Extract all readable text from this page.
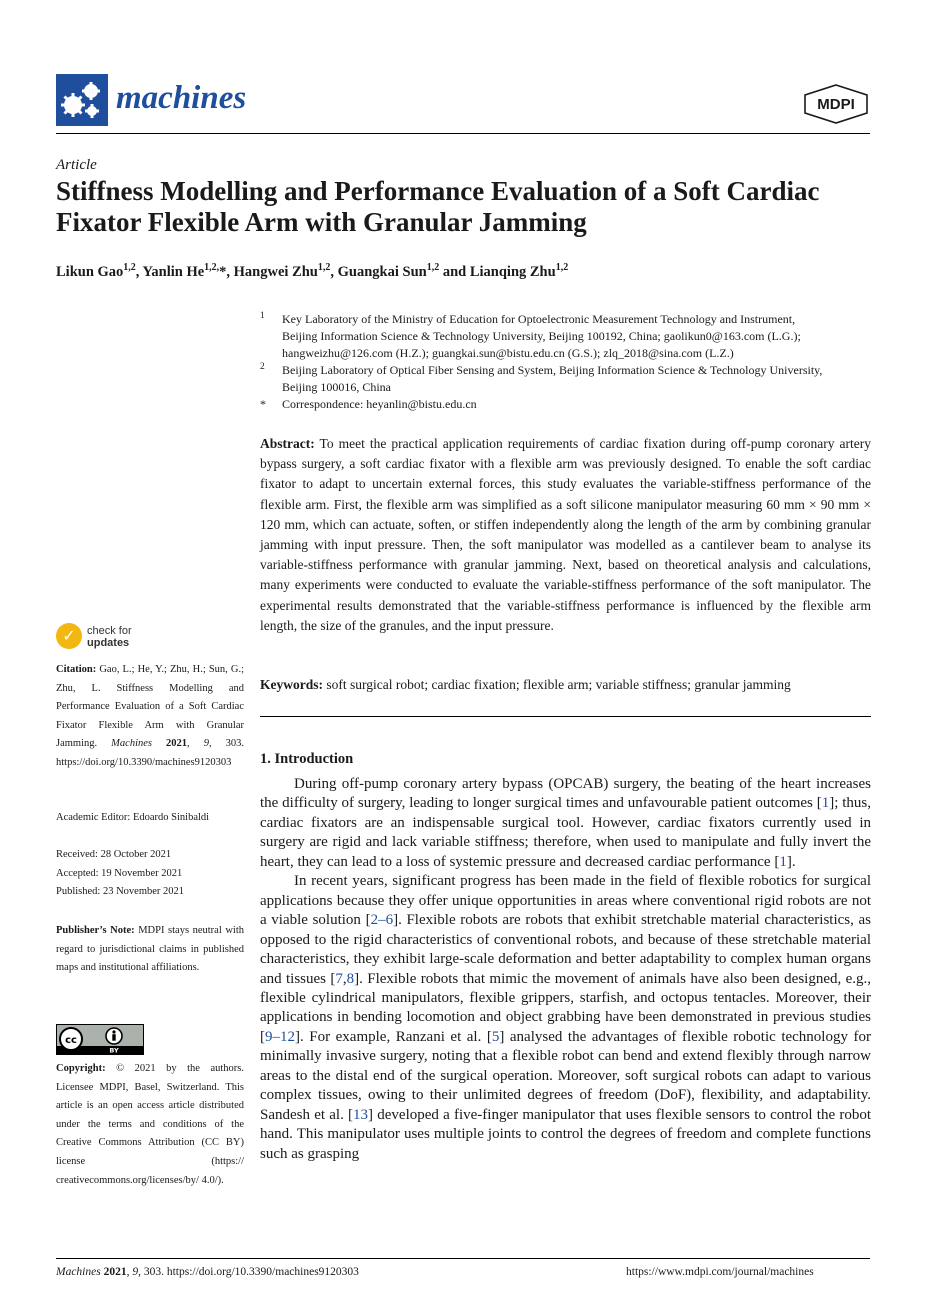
machines	MDPI
Article
Stiffness Modelling and Performance Evaluation of a Soft Cardiac Fixator Flexible Arm with Granular Jamming
Likun Gao$^{1,2}$, Yanlin $He^{1,2,}*$, Hangwei Zhu$^{1,2}$, Guangkai Sun$^{1,2}$ and Lianqing Zhu$^{1,2}$
1 Key Laboratory of the Ministry of Education for Optoelectronic Measurement Technology and Instrument,
Beijing Information Science & Technology University, Beijing 100192, China; gaolikun0@163.com (L.G.);
hangweizhu@126.com (H.Z.); guangkai.sun@bistu.edu.cn (G.S.); zlq_2018@sina.com (L.Z.)
2 Beijing Laboratory of Optical Fiber Sensing and System, Beijing Information Science & Technology University,
Beijing 100016, China
* Correspondence: heyanlin@bistu.edu.cn
Abstract: To meet the practical application requirements of cardiac fixation during off-pump coronary artery bypass surgery, a soft cardiac fixator with a flexible arm was previously designed. To enable the soft cardiac fixator to adapt to uncertain external forces, this study evaluates the variable-stiffness performance of the flexible arm. First, the flexible arm was simplified as a soft silicone manipulator measuring 60 mm × 90 mm × 120 mm, which can actuate, soften, or stiffen independently along the length of the arm by combining granular jamming with input pressure. Then, the soft manipulator was modelled as a cantilever beam to analyse its variable-stiffness performance with granular jamming. Next, based on theoretical analysis and calculations, many experiments were conducted to evaluate the variable-stiffness performance of the soft manipulator. The experimental results demonstrated that the variable-stiffness performance is influenced by the flexible arm length, the size of the granules, and the input pressure.
Keywords: soft surgical robot; cardiac fixation; flexible arm; variable stiffness; granular jamming
✓	check for
updates
Citation: Gao, L.; He, Y.; Zhu, H.; Sun, G.; Zhu, L. Stiffness Modelling and Performance Evaluation of a Soft Cardiac Fixator Flexible Arm with Granular Jamming. Machines 2021, 9, 303. https://doi.org/10.3390/machines9120303
Academic Editor: Edoardo Sinibaldi
Received: 28 October 2021
Accepted: 19 November 2021
Published: 23 November 2021
Publisher’s Note: MDPI stays neutral with regard to jurisdictional claims in published maps and institutional affiliations.
cc
BY
Copyright: © 2021 by the authors. Licensee MDPI, Basel, Switzerland. This article is an open access article distributed under the terms and conditions of the Creative Commons Attribution (CC BY) license (https:// creativecommons.org/licenses/by/ 4.0/).
1. Introduction

During off-pump coronary artery bypass (OPCAB) surgery, the beating of the heart increases the difficulty of surgery, leading to longer surgical times and unfavourable patient outcomes [1]; thus, cardiac fixators are an indispensable surgical tool. However, cardiac fixators currently used in surgery are rigid and lack variable stiffness; therefore, when used to manipulate and fully invert the heart, they can lead to a loss of systemic pressure and decreased cardiac performance [1].

In recent years, significant progress has been made in the field of flexible robotics for surgical applications because they offer unique opportunities in areas where conventional rigid robots are not a viable solution [2–6]. Flexible robots are robots that exhibit stretchable material characteristics, as opposed to the rigid characteristics of conventional robots, and because of these stretchable material characteristics, they exhibit large-scale deformation and better adaptability to complex human organs and tissues [7,8]. Flexible robots that mimic the movement of animals have also been designed, e.g., flexible cylindrical manipulators, flexible grippers, starfish, and octopus tentacles. Moreover, their applications in bending locomotion and object grabbing have been demonstrated in previous studies [9–12]. For example, Ranzani et al. [5] analysed the advantages of flexible robotic technology for minimally invasive surgery, noting that a flexible robot can bend and extend flexibly through narrow areas to the distal end of the surgical operation. Moreover, soft surgical robots can adapt to various complex tissues, owing to their unlimited degrees of freedom (DoF), flexibility, and adaptability. Sandesh et al. [13] developed a five-finger manipulator that uses flexible sensors to control the robot hand. This manipulator uses multiple joints to control the degrees of freedom and complete functions such as grasping

Machines 2021, 9, 303. https://doi.org/10.3390/machines9120303	https://www.mdpi.com/journal/machines
